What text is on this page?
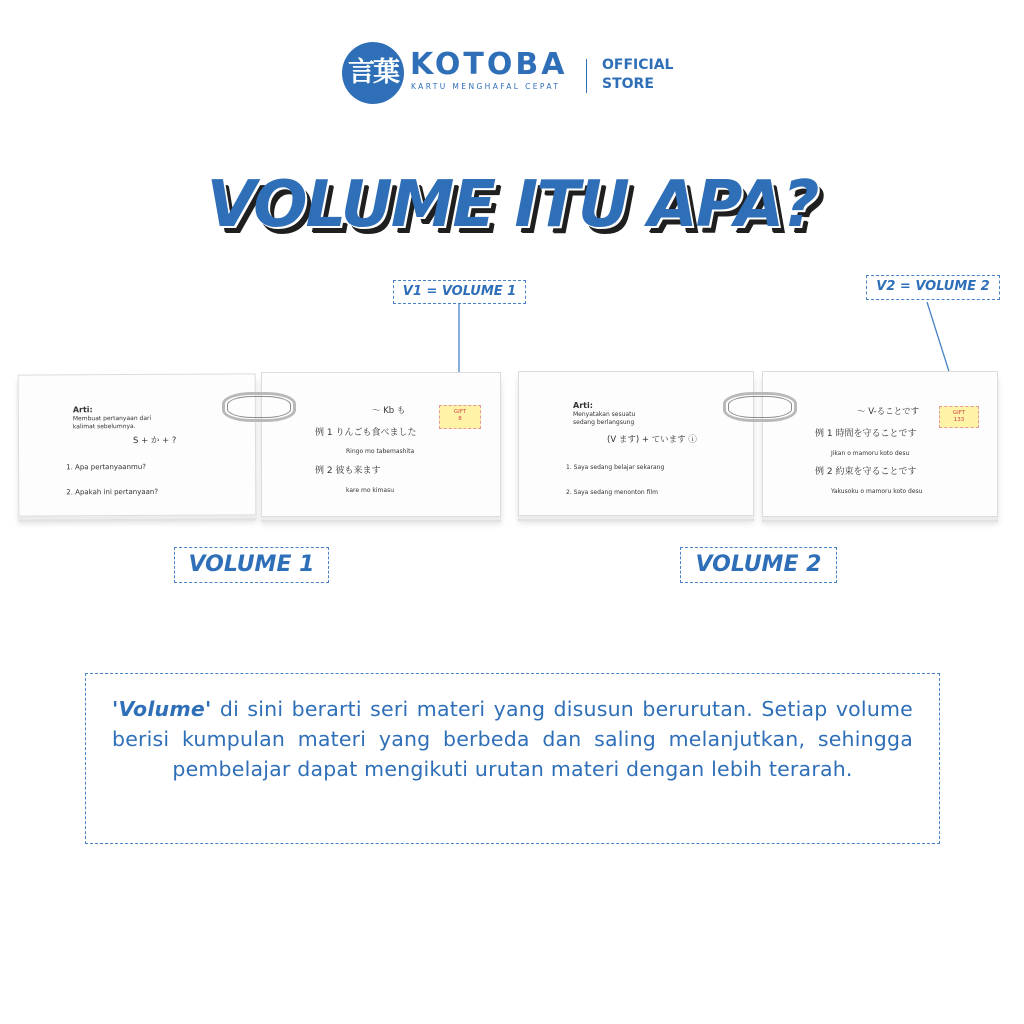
言葉 KOTOBA
KARTU MENGHAFAL CEPAT
OFFICIAL
STORE
VOLUME ITU APA?
V1 = VOLUME 1	V2 = VOLUME 2
Arti:
Membuat pertanyaan dari
kalimat sebelumnya.
S + か + ?
1. Apa pertanyaanmu?
2. Apakah ini pertanyaan?
～ Kb も
例 1 りんごも食べました
Ringo mo tabemashita
例 2 彼も来ます
kare mo kimasu
GIFT
8
Arti:
Menyatakan sesuatu
sedang berlangsung
(V ます) + ています ⓘ
1. Saya sedang belajar sekarang
2. Saya sedang menonton film
～ V-ることです
例 1 時間を守ることです
Jikan o mamoru koto desu
例 2 約束を守ることです
Yakusoku o mamoru koto desu
GIFT
133
VOLUME 1	VOLUME 2

'Volume' di sini berarti seri materi yang disusun berurutan. Setiap volume berisi kumpulan materi yang berbeda dan saling melanjutkan, sehingga pembelajar dapat mengikuti urutan materi dengan lebih terarah.
